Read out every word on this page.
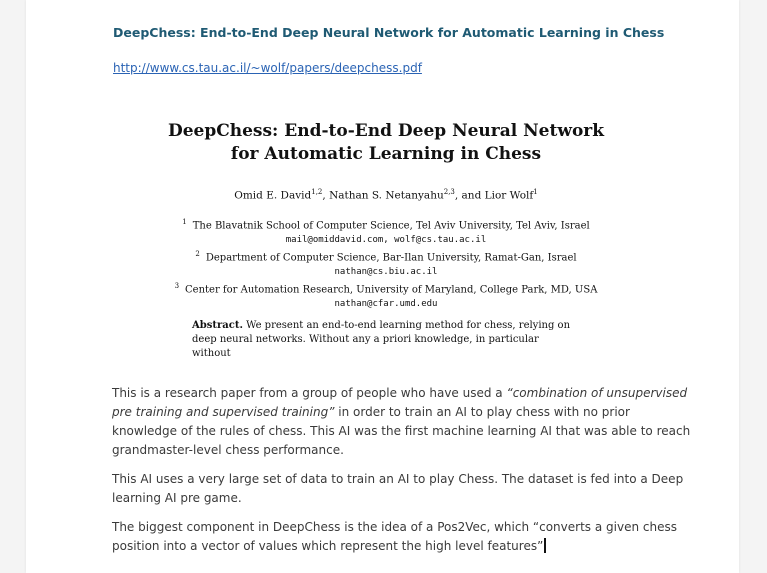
DeepChess: End-to-End Deep Neural Network for Automatic Learning in Chess
http://www.cs.tau.ac.il/~wolf/papers/deepchess.pdf
DeepChess: End-to-End Deep Neural Network
for Automatic Learning in Chess
Omid E. David$^{1,2}$, Nathan S. Netanyahu$^{2,3}$, and Lior Wolf$^1$
$^1$ The Blavatnik School of Computer Science, Tel Aviv University, Tel Aviv, Israel
mail@omiddavid.com, wolf@cs.tau.ac.il
$^2$ Department of Computer Science, Bar-Ilan University, Ramat-Gan, Israel
nathan@cs.biu.ac.il
$^3$ Center for Automation Research, University of Maryland, College Park, MD, USA
nathan@cfar.umd.edu
Abstract. We present an end-to-end learning method for chess, relying on
deep neural networks. Without any a priori knowledge, in particular without

This is a research paper from a group of people who have used a “combination of unsupervised pre training and supervised training” in order to train an AI to play chess with no prior knowledge of the rules of chess. This AI was the first machine learning AI that was able to reach grandmaster-level chess performance.

This AI uses a very large set of data to train an AI to play Chess. The dataset is fed into a Deep learning AI pre game.

The biggest component in DeepChess is the idea of a Pos2Vec, which “converts a given chess position into a vector of values which represent the high level features”
